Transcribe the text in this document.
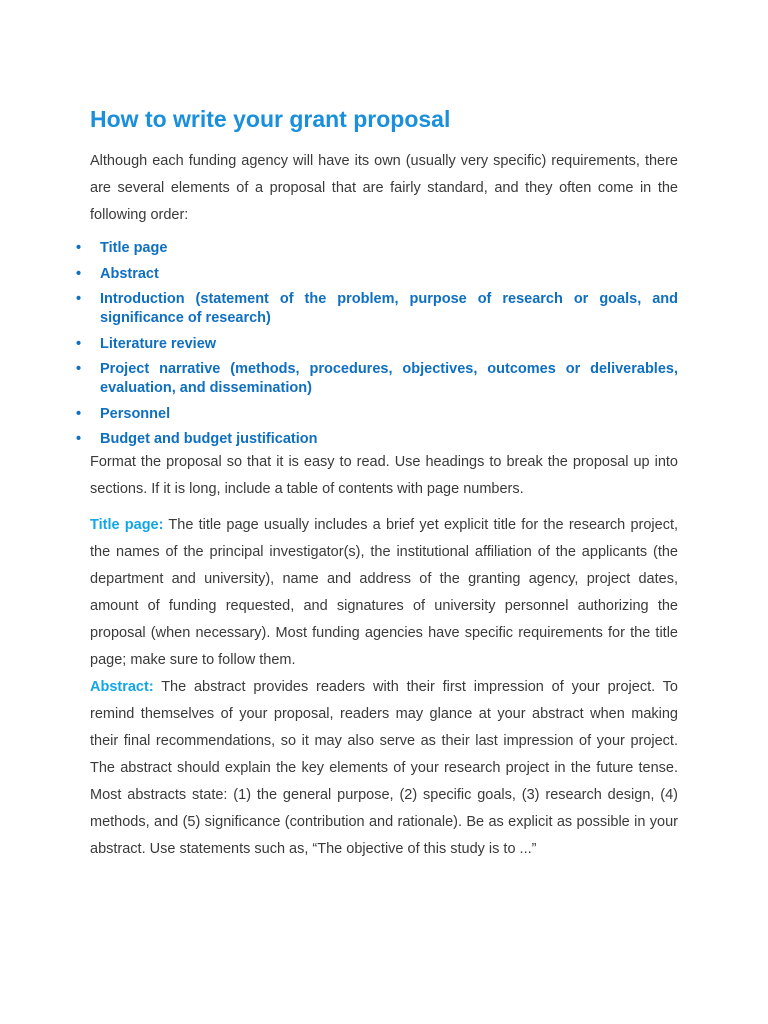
How to write your grant proposal

Although each funding agency will have its own (usually very specific) requirements, there are several elements of a proposal that are fairly standard, and they often come in the following order:

• Title page
• Abstract
• Introduction (statement of the problem, purpose of research or goals, and significance of research)
• Literature review
• Project narrative (methods, procedures, objectives, outcomes or deliverables, evaluation, and dissemination)
• Personnel
• Budget and budget justification

Format the proposal so that it is easy to read. Use headings to break the proposal up into sections. If it is long, include a table of contents with page numbers.

Title page: The title page usually includes a brief yet explicit title for the research project, the names of the principal investigator(s), the institutional affiliation of the applicants (the department and university), name and address of the granting agency, project dates, amount of funding requested, and signatures of university personnel authorizing the proposal (when necessary). Most funding agencies have specific requirements for the title page; make sure to follow them.

Abstract: The abstract provides readers with their first impression of your project. To remind themselves of your proposal, readers may glance at your abstract when making their final recommendations, so it may also serve as their last impression of your project. The abstract should explain the key elements of your research project in the future tense. Most abstracts state: (1) the general purpose, (2) specific goals, (3) research design, (4) methods, and (5) significance (contribution and rationale). Be as explicit as possible in your abstract. Use statements such as, “The objective of this study is to ...”
